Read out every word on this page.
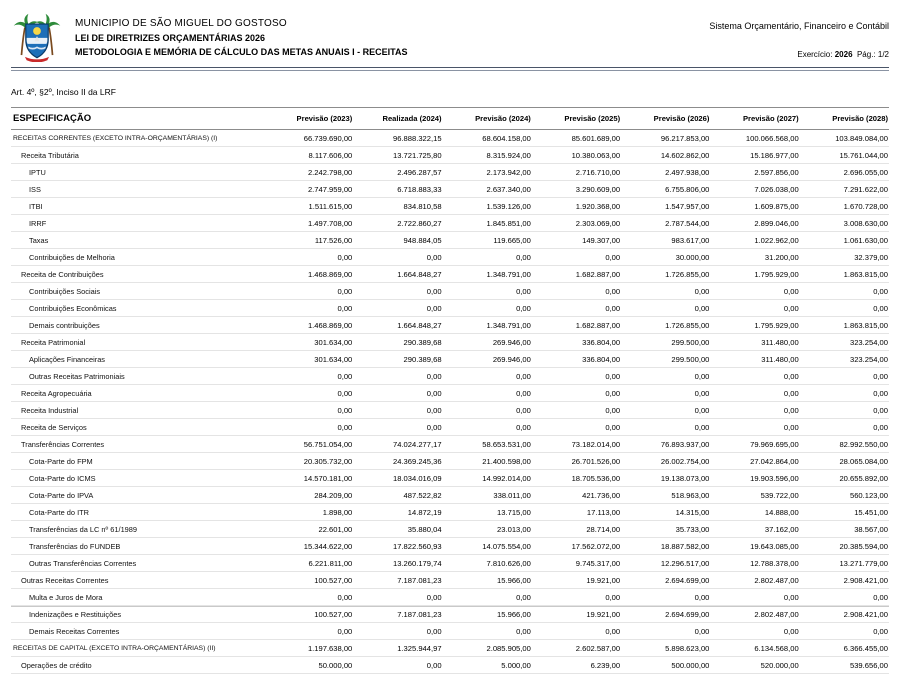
MUNICIPIO DE SÃO MIGUEL DO GOSTOSO
LEI DE DIRETRIZES ORÇAMENTÁRIAS 2026
METODOLOGIA E MEMÓRIA DE CÁLCULO DAS METAS ANUAIS I - RECEITAS
Sistema Orçamentário, Financeiro e Contábil
Exercício: 2026 Pág.: 1/2
Art. 4º, §2º, Inciso II da LRF
ESPECIFICAÇÃO	Previsão (2023)	Realizada (2024)	Previsão (2024)	Previsão (2025)	Previsão (2026)	Previsão (2027)	Previsão (2028)
RECEITAS CORRENTES (EXCETO INTRA-ORÇAMENTÁRIAS) (I)	66.739.690,00	96.888.322,15	68.604.158,00	85.601.689,00	96.217.853,00	100.066.568,00	103.849.084,00
Receita Tributária	8.117.606,00	13.721.725,80	8.315.924,00	10.380.063,00	14.602.862,00	15.186.977,00	15.761.044,00
IPTU	2.242.798,00	2.496.287,57	2.173.942,00	2.716.710,00	2.497.938,00	2.597.856,00	2.696.055,00
ISS	2.747.959,00	6.718.883,33	2.637.340,00	3.290.609,00	6.755.806,00	7.026.038,00	7.291.622,00
ITBI	1.511.615,00	834.810,58	1.539.126,00	1.920.368,00	1.547.957,00	1.609.875,00	1.670.728,00
IRRF	1.497.708,00	2.722.860,27	1.845.851,00	2.303.069,00	2.787.544,00	2.899.046,00	3.008.630,00
Taxas	117.526,00	948.884,05	119.665,00	149.307,00	983.617,00	1.022.962,00	1.061.630,00
Contribuições de Melhoria	0,00	0,00	0,00	0,00	30.000,00	31.200,00	32.379,00
Receita de Contribuições	1.468.869,00	1.664.848,27	1.348.791,00	1.682.887,00	1.726.855,00	1.795.929,00	1.863.815,00
Contribuições Sociais	0,00	0,00	0,00	0,00	0,00	0,00	0,00
Contribuições Econômicas	0,00	0,00	0,00	0,00	0,00	0,00	0,00
Demais contribuições	1.468.869,00	1.664.848,27	1.348.791,00	1.682.887,00	1.726.855,00	1.795.929,00	1.863.815,00
Receita Patrimonial	301.634,00	290.389,68	269.946,00	336.804,00	299.500,00	311.480,00	323.254,00
Aplicações Financeiras	301.634,00	290.389,68	269.946,00	336.804,00	299.500,00	311.480,00	323.254,00
Outras Receitas Patrimoniais	0,00	0,00	0,00	0,00	0,00	0,00	0,00
Receita Agropecuária	0,00	0,00	0,00	0,00	0,00	0,00	0,00
Receita Industrial	0,00	0,00	0,00	0,00	0,00	0,00	0,00
Receita de Serviços	0,00	0,00	0,00	0,00	0,00	0,00	0,00
Transferências Correntes	56.751.054,00	74.024.277,17	58.653.531,00	73.182.014,00	76.893.937,00	79.969.695,00	82.992.550,00
Cota-Parte do FPM	20.305.732,00	24.369.245,36	21.400.598,00	26.701.526,00	26.002.754,00	27.042.864,00	28.065.084,00
Cota-Parte do ICMS	14.570.181,00	18.034.016,09	14.992.014,00	18.705.536,00	19.138.073,00	19.903.596,00	20.655.892,00
Cota-Parte do IPVA	284.209,00	487.522,82	338.011,00	421.736,00	518.963,00	539.722,00	560.123,00
Cota-Parte do ITR	1.898,00	14.872,19	13.715,00	17.113,00	14.315,00	14.888,00	15.451,00
Transferências da LC nº 61/1989	22.601,00	35.880,04	23.013,00	28.714,00	35.733,00	37.162,00	38.567,00
Transferências do FUNDEB	15.344.622,00	17.822.560,93	14.075.554,00	17.562.072,00	18.887.582,00	19.643.085,00	20.385.594,00
Outras Transferências Correntes	6.221.811,00	13.260.179,74	7.810.626,00	9.745.317,00	12.296.517,00	12.788.378,00	13.271.779,00
Outras Receitas Correntes	100.527,00	7.187.081,23	15.966,00	19.921,00	2.694.699,00	2.802.487,00	2.908.421,00
Multa e Juros de Mora	0,00	0,00	0,00	0,00	0,00	0,00	0,00
Indenizações e Restituições	100.527,00	7.187.081,23	15.966,00	19.921,00	2.694.699,00	2.802.487,00	2.908.421,00
Demais Receitas Correntes	0,00	0,00	0,00	0,00	0,00	0,00	0,00
RECEITAS DE CAPITAL (EXCETO INTRA-ORÇAMENTÁRIAS) (II)	1.197.638,00	1.325.944,97	2.085.905,00	2.602.587,00	5.898.623,00	6.134.568,00	6.366.455,00
Operações de crédito	50.000,00	0,00	5.000,00	6.239,00	500.000,00	520.000,00	539.656,00
